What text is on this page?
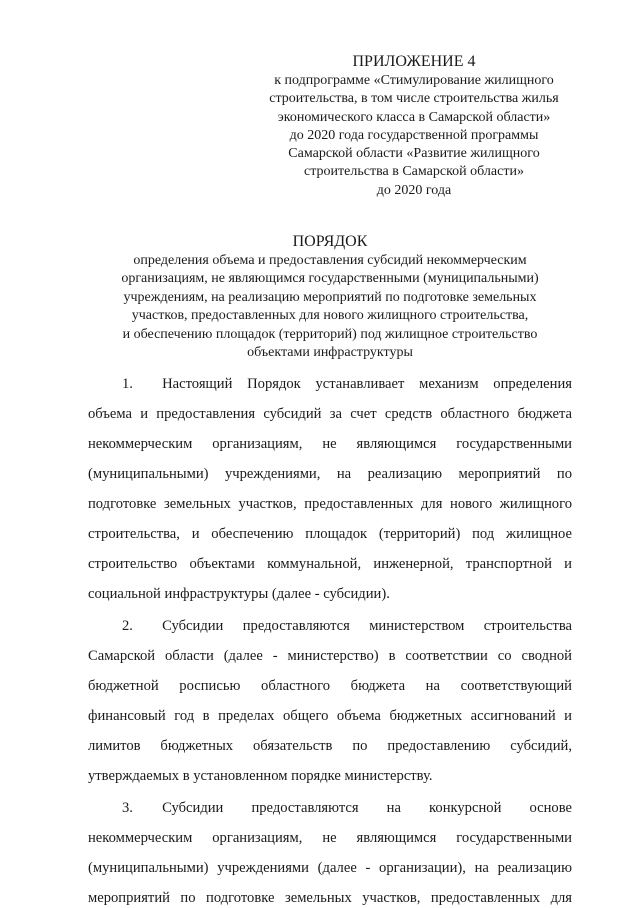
ПРИЛОЖЕНИЕ 4
к подпрограмме «Стимулирование жилищного
строительства, в том числе строительства жилья
экономического класса в Самарской области»
до 2020 года государственной программы
Самарской области «Развитие жилищного
строительства в Самарской области»
до 2020 года
ПОРЯДОК
определения объема и предоставления субсидий некоммерческим
организациям, не являющимся государственными (муниципальными)
учреждениям, на реализацию мероприятий по подготовке земельных
участков, предоставленных для нового жилищного строительства,
и обеспечению площадок (территорий) под жилищное строительство
объектами инфраструктуры
1.  Настоящий Порядок устанавливает механизм определения
объема и предоставления субсидий за счет средств областного бюджета
некоммерческим организациям, не являющимся государственными
(муниципальными) учреждениями, на реализацию мероприятий по
подготовке земельных участков, предоставленных для нового жилищного
строительства, и обеспечению площадок (территорий) под жилищное
строительство объектами коммунальной, инженерной, транспортной и
социальной инфраструктуры (далее - субсидии).
2.  Субсидии предоставляются министерством строительства
Самарской области (далее - министерство) в соответствии со сводной
бюджетной росписью областного бюджета на соответствующий
финансовый год в пределах общего объема бюджетных ассигнований и
лимитов бюджетных обязательств по предоставлению субсидий,
утверждаемых в установленном порядке министерству.
3.  Субсидии предоставляются на конкурсной основе
некоммерческим организациям, не являющимся государственными
(муниципальными) учреждениями (далее - организации), на реализацию
мероприятий по подготовке земельных участков, предоставленных для
